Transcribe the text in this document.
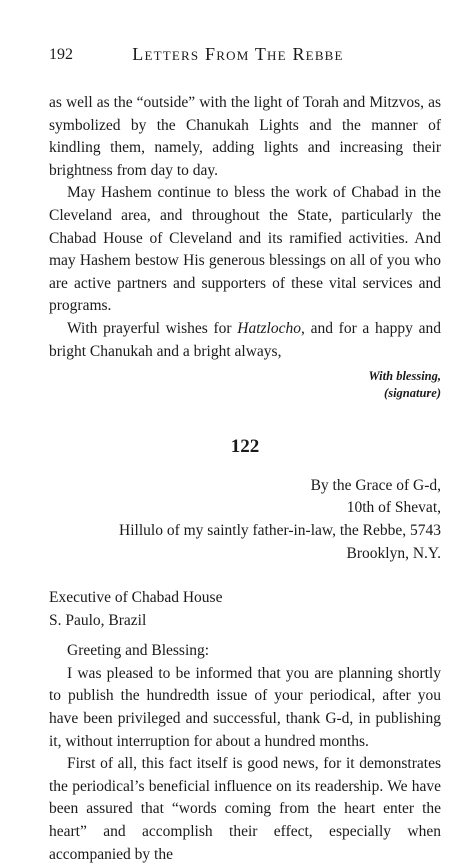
192	Letters From The Rebbe

as well as the “outside” with the light of Torah and Mitzvos, as symbolized by the Chanukah Lights and the manner of kindling them, namely, adding lights and increasing their brightness from day to day.

May Hashem continue to bless the work of Chabad in the Cleveland area, and throughout the State, particularly the Chabad House of Cleveland and its ramified activities. And may Hashem bestow His generous blessings on all of you who are active partners and supporters of these vital services and programs.

With prayerful wishes for Hatzlocho, and for a happy and bright Chanukah and a bright always,

With blessing,
(signature)
122
By the Grace of G-d,
10th of Shevat,
Hillulo of my saintly father-in-law, the Rebbe, 5743
Brooklyn, N.Y.
Executive of Chabad House
S. Paulo, Brazil

Greeting and Blessing:

I was pleased to be informed that you are planning shortly to publish the hundredth issue of your periodical, after you have been privileged and successful, thank G-d, in publishing it, without interruption for about a hundred months.

First of all, this fact itself is good news, for it demonstrates the periodical’s beneficial influence on its readership. We have been assured that “words coming from the heart enter the heart” and accomplish their effect, especially when accompanied by the
